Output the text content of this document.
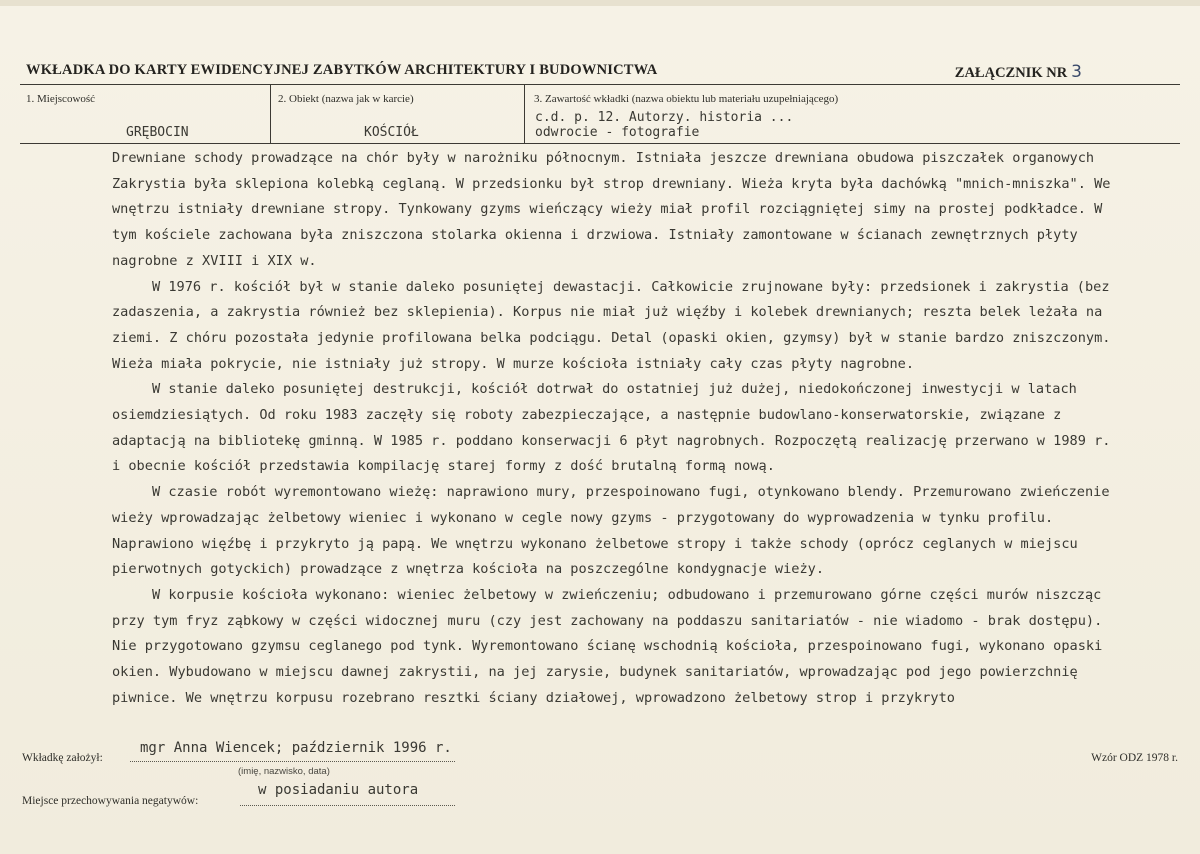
WKŁADKA DO KARTY EWIDENCYJNEJ ZABYTKÓW ARCHITEKTURY I BUDOWNICTWA	ZAŁĄCZNIK NR 3
1. Miejscowość
GRĘBOCIN
2. Obiekt (nazwa jak w karcie)
KOŚCIÓŁ
3. Zawartość wkładki (nazwa obiektu lub materiału uzupełniającego)
c.d. p. 12. Autorzy. historia ...
odwrocie - fotografie

Drewniane schody prowadzące na chór były w narożniku północnym. Istniała jeszcze drewniana obudowa piszczałek organowych Zakrystia była sklepiona kolebką ceglaną. W przedsionku był strop drewniany. Wieża kryta była dachówką "mnich-mniszka". We wnętrzu istniały drewniane stropy. Tynkowany gzyms wieńczący wieży miał profil rozciągniętej simy na prostej podkładce. W tym kościele zachowana była zniszczona stolarka okienna i drzwiowa. Istniały zamontowane w ścianach zewnętrznych płyty nagrobne z XVIII i XIX w.

W 1976 r. kościół był w stanie daleko posuniętej dewastacji. Całkowicie zrujnowane były: przedsionek i zakrystia (bez zadaszenia, a zakrystia również bez sklepienia). Korpus nie miał już więźby i kolebek drewnianych; reszta belek leżała na ziemi. Z chóru pozostała jedynie profilowana belka podciągu. Detal (opaski okien, gzymsy) był w stanie bardzo zniszczonym. Wieża miała pokrycie, nie istniały już stropy. W murze kościoła istniały cały czas płyty nagrobne.

W stanie daleko posuniętej destrukcji, kościół dotrwał do ostatniej już dużej, niedokończonej inwestycji w latach osiemdziesiątych. Od roku 1983 zaczęły się roboty zabezpieczające, a następnie budowlano-konserwatorskie, związane z adaptacją na bibliotekę gminną. W 1985 r. poddano konserwacji 6 płyt nagrobnych. Rozpoczętą realizację przerwano w 1989 r. i obecnie kościół przedstawia kompilację starej formy z dość brutalną formą nową.

W czasie robót wyremontowano wieżę: naprawiono mury, przespoinowano fugi, otynkowano blendy. Przemurowano zwieńczenie wieży wprowadzając żelbetowy wieniec i wykonano w cegle nowy gzyms - przygotowany do wyprowadzenia w tynku profilu. Naprawiono więźbę i przykryto ją papą. We wnętrzu wykonano żelbetowe stropy i także schody (oprócz ceglanych w miejscu pierwotnych gotyckich) prowadzące z wnętrza kościoła na poszczególne kondygnacje wieży.

W korpusie kościoła wykonano: wieniec żelbetowy w zwieńczeniu; odbudowano i przemurowano górne części murów niszcząc przy tym fryz ząbkowy w części widocznej muru (czy jest zachowany na poddaszu sanitariatów - nie wiadomo - brak dostępu). Nie przygotowano gzymsu ceglanego pod tynk. Wyremontowano ścianę wschodnią kościoła, przespoinowano fugi, wykonano opaski okien. Wybudowano w miejscu dawnej zakrystii, na jej zarysie, budynek sanitariatów, wprowadzając pod jego powierzchnię piwnice. We wnętrzu korpusu rozebrano resztki ściany działowej, wprowadzono żelbetowy strop i przykryto

Wkładkę założył:
mgr Anna Wiencek; październik 1996 r.
(imię, nazwisko, data)
Miejsce przechowywania negatywów:
w posiadaniu autora
Wzór ODZ 1978 r.
